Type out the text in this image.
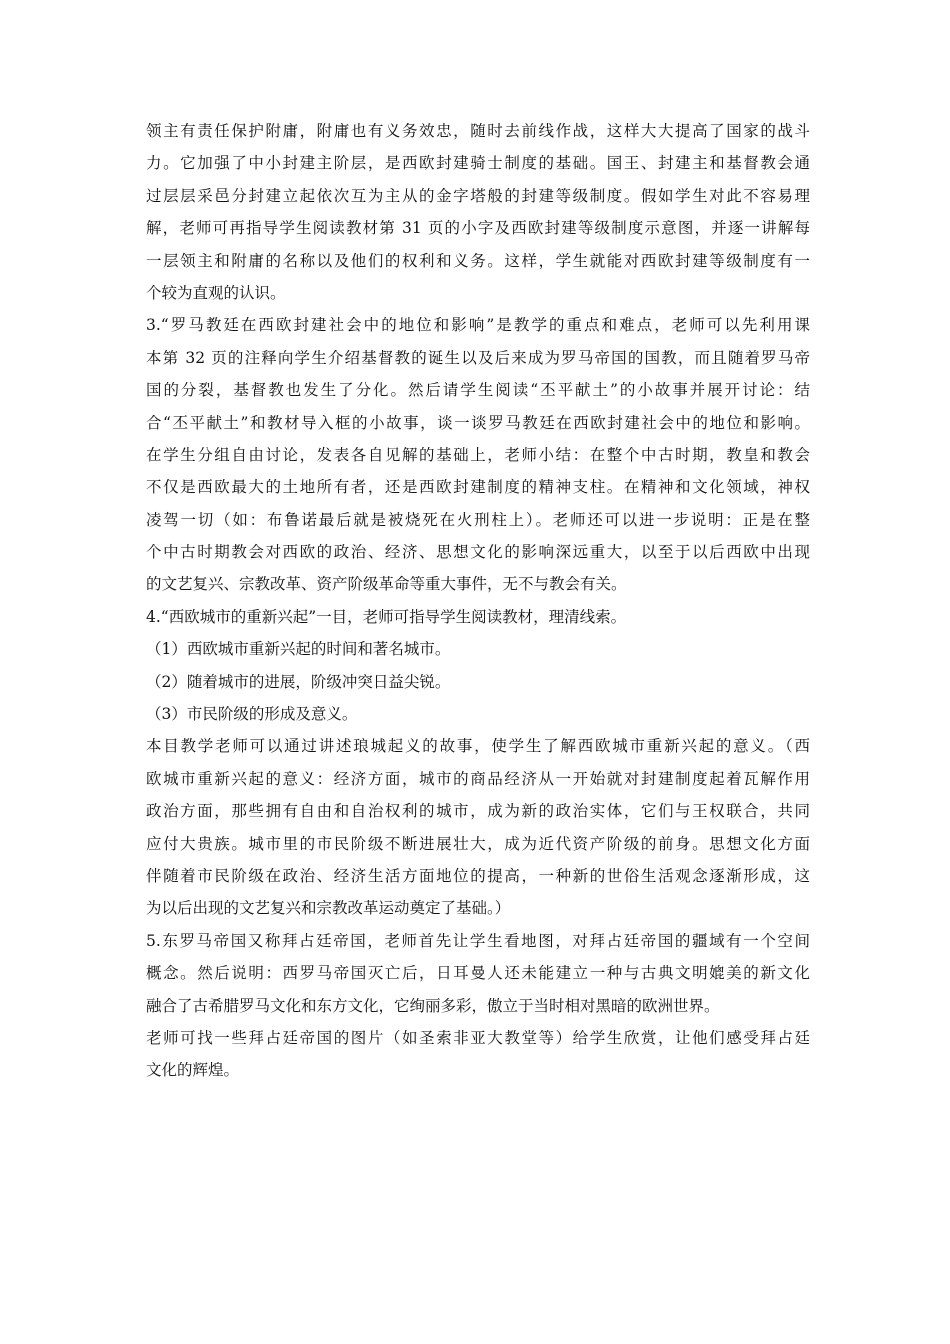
领主有责任保护附庸，附庸也有义务效忠，随时去前线作战，这样大大提高了国家的战斗
力。它加强了中小封建主阶层，是西欧封建骑士制度的基础。国王、封建主和基督教会通
过层层采邑分封建立起依次互为主从的金字塔般的封建等级制度。假如学生对此不容易理
解，老师可再指导学生阅读教材第 31 页的小字及西欧封建等级制度示意图，并逐一讲解每
一层领主和附庸的名称以及他们的权利和义务。这样，学生就能对西欧封建等级制度有一
个较为直观的认识。
3.“罗马教廷在西欧封建社会中的地位和影响”是教学的重点和难点，老师可以先利用课
本第 32 页的注释向学生介绍基督教的诞生以及后来成为罗马帝国的国教，而且随着罗马帝
国的分裂，基督教也发生了分化。然后请学生阅读“丕平献土”的小故事并展开讨论：结
合“丕平献土”和教材导入框的小故事，谈一谈罗马教廷在西欧封建社会中的地位和影响。
在学生分组自由讨论，发表各自见解的基础上，老师小结：在整个中古时期，教皇和教会
不仅是西欧最大的土地所有者，还是西欧封建制度的精神支柱。在精神和文化领域，神权
凌驾一切（如：布鲁诺最后就是被烧死在火刑柱上）。老师还可以进一步说明：正是在整
个中古时期教会对西欧的政治、经济、思想文化的影响深远重大，以至于以后西欧中出现
的文艺复兴、宗教改革、资产阶级革命等重大事件，无不与教会有关。
4.“西欧城市的重新兴起”一目，老师可指导学生阅读教材，理清线索。
（1）西欧城市重新兴起的时间和著名城市。
（2）随着城市的进展，阶级冲突日益尖锐。
（3）市民阶级的形成及意义。
本目教学老师可以通过讲述琅城起义的故事，使学生了解西欧城市重新兴起的意义。（西
欧城市重新兴起的意义：经济方面，城市的商品经济从一开始就对封建制度起着瓦解作用
政治方面，那些拥有自由和自治权利的城市，成为新的政治实体，它们与王权联合，共同
应付大贵族。城市里的市民阶级不断进展壮大，成为近代资产阶级的前身。思想文化方面
伴随着市民阶级在政治、经济生活方面地位的提高，一种新的世俗生活观念逐渐形成，这
为以后出现的文艺复兴和宗教改革运动奠定了基础。）
5.东罗马帝国又称拜占廷帝国，老师首先让学生看地图，对拜占廷帝国的疆域有一个空间
概念。然后说明：西罗马帝国灭亡后，日耳曼人还未能建立一种与古典文明媲美的新文化
融合了古希腊罗马文化和东方文化，它绚丽多彩，傲立于当时相对黑暗的欧洲世界。
老师可找一些拜占廷帝国的图片（如圣索非亚大教堂等）给学生欣赏，让他们感受拜占廷
文化的辉煌。
